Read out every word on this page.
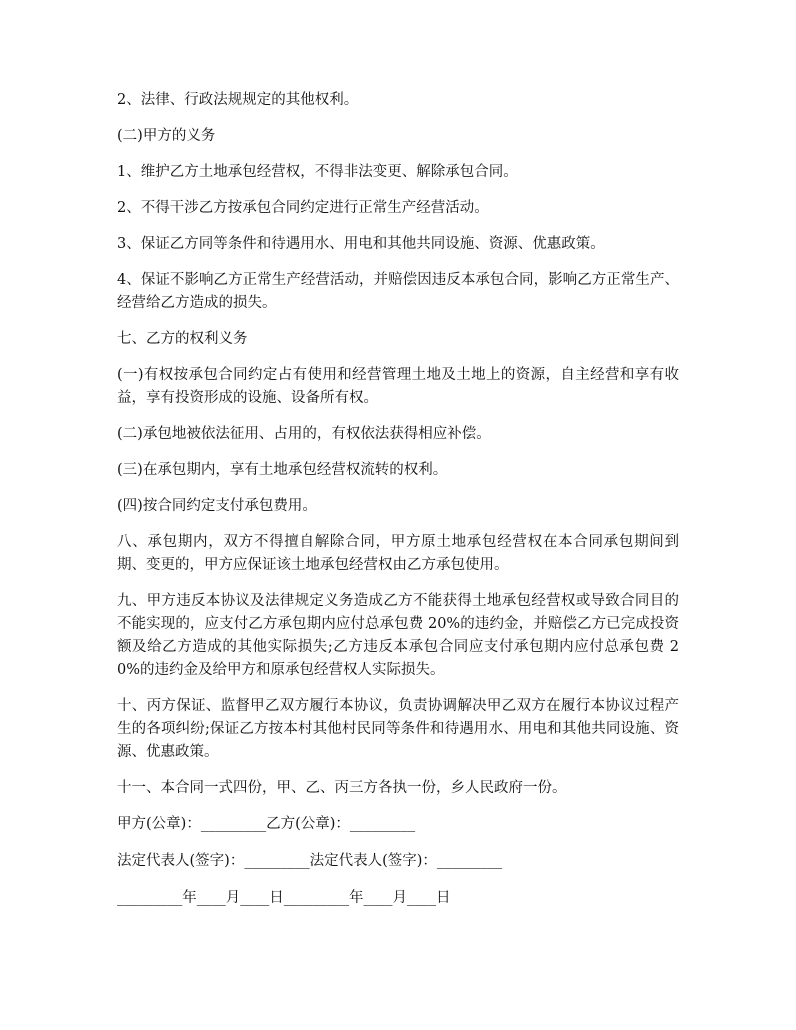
2、法律、行政法规规定的其他权利。

(二)甲方的义务

1、维护乙方土地承包经营权，不得非法变更、解除承包合同。

2、不得干涉乙方按承包合同约定进行正常生产经营活动。

3、保证乙方同等条件和待遇用水、用电和其他共同设施、资源、优惠政策。

4、保证不影响乙方正常生产经营活动，并赔偿因违反本承包合同，影响乙方正常生产、经营给乙方造成的损失。

七、乙方的权利义务

(一)有权按承包合同约定占有使用和经营管理土地及土地上的资源，自主经营和享有收益，享有投资形成的设施、设备所有权。

(二)承包地被依法征用、占用的，有权依法获得相应补偿。

(三)在承包期内，享有土地承包经营权流转的权利。

(四)按合同约定支付承包费用。

八、承包期内，双方不得擅自解除合同，甲方原土地承包经营权在本合同承包期间到期、变更的，甲方应保证该土地承包经营权由乙方承包使用。

九、甲方违反本协议及法律规定义务造成乙方不能获得土地承包经营权或导致合同目的不能实现的，应支付乙方承包期内应付总承包费 20%的违约金，并赔偿乙方已完成投资额及给乙方造成的其他实际损失;乙方违反本承包合同应支付承包期内应付总承包费 20%的违约金及给甲方和原承包经营权人实际损失。

十、丙方保证、监督甲乙双方履行本协议，负责协调解决甲乙双方在履行本协议过程产生的各项纠纷;保证乙方按本村其他村民同等条件和待遇用水、用电和其他共同设施、资源、优惠政策。

十一、本合同一式四份，甲、乙、丙三方各执一份，乡人民政府一份。

甲方(公章)：_________乙方(公章)：_________

法定代表人(签字)：_________法定代表人(签字)：_________

_________年____月____日_________年____月____日
